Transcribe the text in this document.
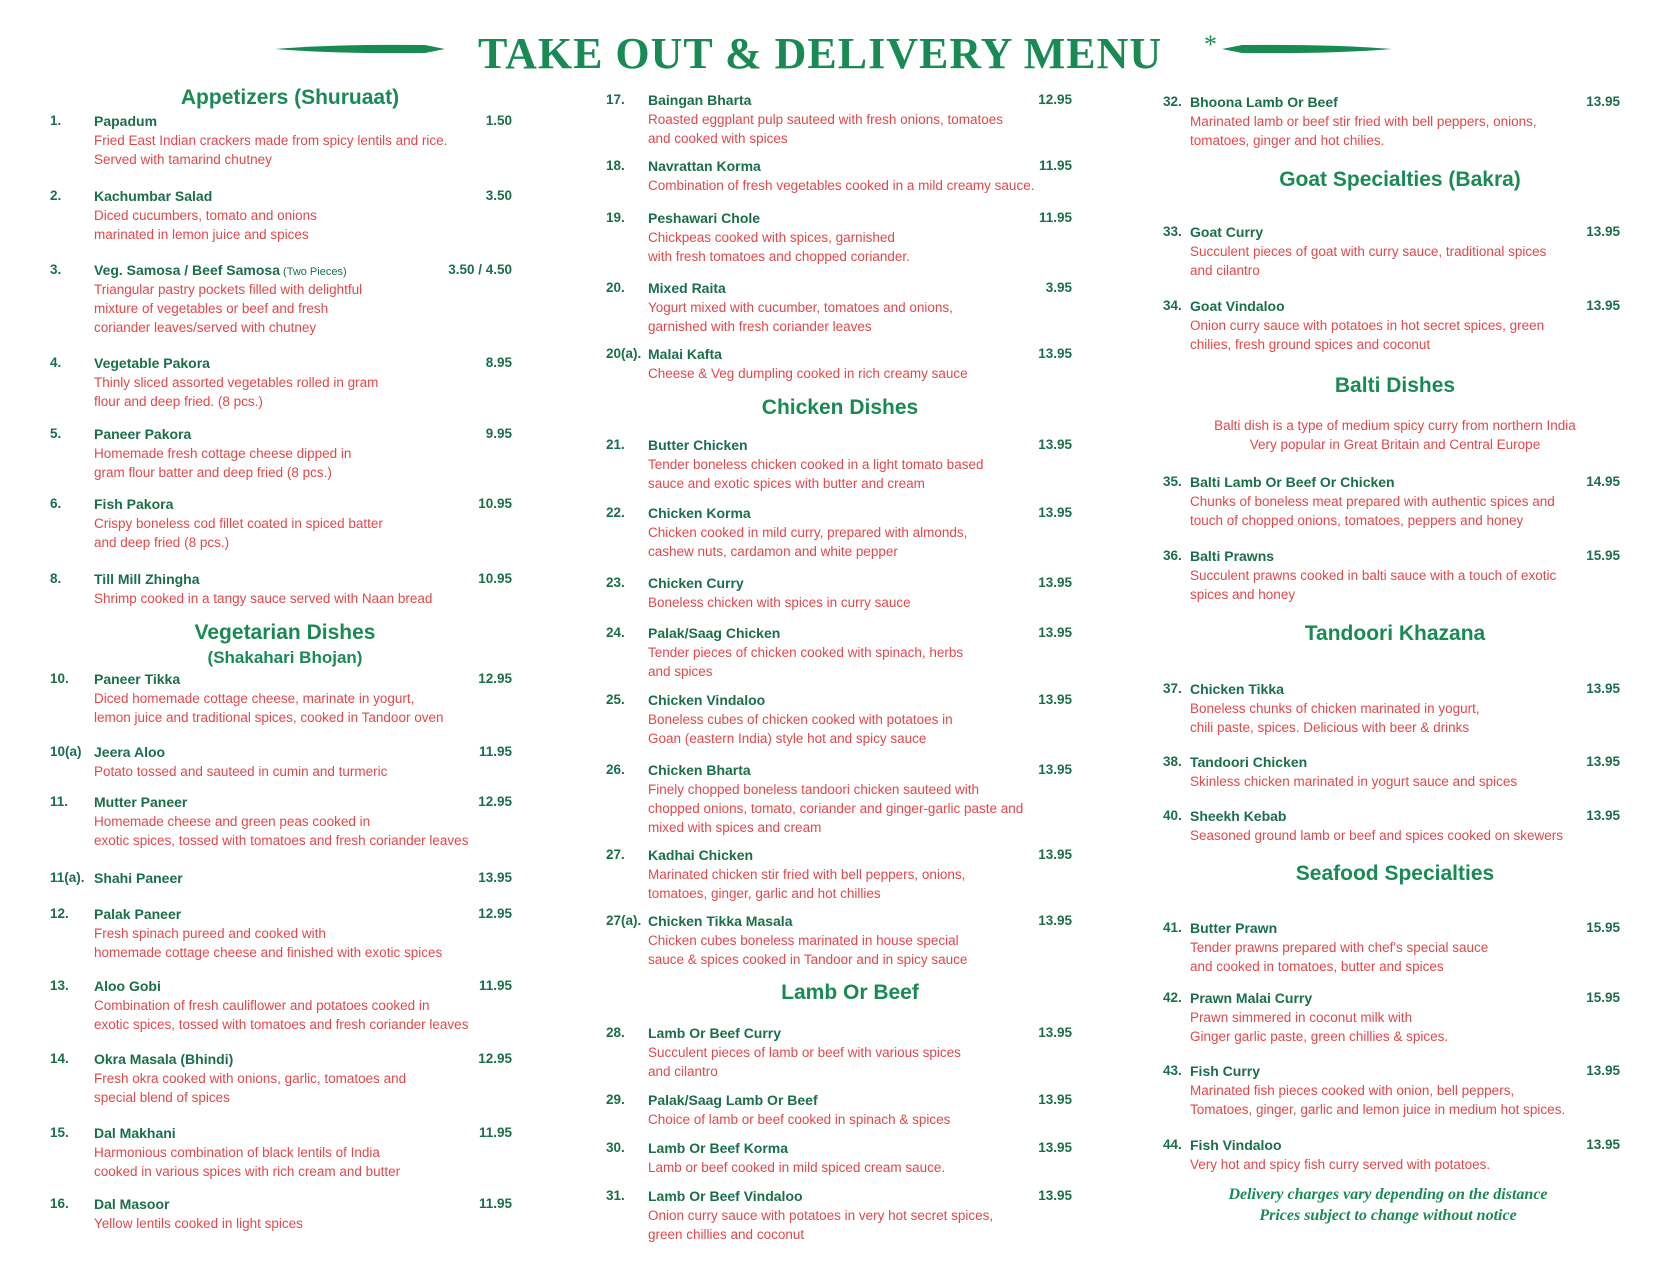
TAKE OUT & DELIVERY MENU *
Appetizers (Shuruaat)
Vegetarian Dishes
(Shakahari Bhojan)
Chicken Dishes
Lamb Or Beef
Goat Specialties (Bakra)
Balti Dishes
Balti dish is a type of medium spicy curry from northern India
Very popular in Great Britain and Central Europe
Tandoori Khazana
Seafood Specialties
Delivery charges vary depending on the distance
Prices subject to change without notice
1. Papadum	1.50
Fried East Indian crackers made from spicy lentils and rice.
Served with tamarind chutney
2. Kachumbar Salad	3.50
Diced cucumbers, tomato and onions
marinated in lemon juice and spices
3. Veg. Samosa / Beef Samosa (Two Pieces)	3.50 / 4.50
Triangular pastry pockets filled with delightful
mixture of vegetables or beef and fresh
coriander leaves/served with chutney
4. Vegetable Pakora	8.95
Thinly sliced assorted vegetables rolled in gram
flour and deep fried. (8 pcs.)
5. Paneer Pakora	9.95
Homemade fresh cottage cheese dipped in
gram flour batter and deep fried (8 pcs.)
6. Fish Pakora	10.95
Crispy boneless cod fillet coated in spiced batter
and deep fried (8 pcs.)
8. Till Mill Zhingha	10.95
Shrimp cooked in a tangy sauce served with Naan bread
10. Paneer Tikka	12.95
Diced homemade cottage cheese, marinate in yogurt,
lemon juice and traditional spices, cooked in Tandoor oven
10(a) Jeera Aloo	11.95
Potato tossed and sauteed in cumin and turmeric
11. Mutter Paneer	12.95
Homemade cheese and green peas cooked in
exotic spices, tossed with tomatoes and fresh coriander leaves
11(a). Shahi Paneer	13.95
12. Palak Paneer	12.95
Fresh spinach pureed and cooked with
homemade cottage cheese and finished with exotic spices
13. Aloo Gobi	11.95
Combination of fresh cauliflower and potatoes cooked in
exotic spices, tossed with tomatoes and fresh coriander leaves
14. Okra Masala (Bhindi)	12.95
Fresh okra cooked with onions, garlic, tomatoes and
special blend of spices
15. Dal Makhani	11.95
Harmonious combination of black lentils of India
cooked in various spices with rich cream and butter
16. Dal Masoor	11.95
Yellow lentils cooked in light spices
17. Baingan Bharta	12.95
Roasted eggplant pulp sauteed with fresh onions, tomatoes
and cooked with spices
18. Navrattan Korma	11.95
Combination of fresh vegetables cooked in a mild creamy sauce.
19. Peshawari Chole	11.95
Chickpeas cooked with spices, garnished
with fresh tomatoes and chopped coriander.
20. Mixed Raita	3.95
Yogurt mixed with cucumber, tomatoes and onions,
garnished with fresh coriander leaves
20(a). Malai Kafta	13.95
Cheese & Veg dumpling cooked in rich creamy sauce
21. Butter Chicken	13.95
Tender boneless chicken cooked in a light tomato based
sauce and exotic spices with butter and cream
22. Chicken Korma	13.95
Chicken cooked in mild curry, prepared with almonds,
cashew nuts, cardamon and white pepper
23. Chicken Curry	13.95
Boneless chicken with spices in curry sauce
24. Palak/Saag Chicken	13.95
Tender pieces of chicken cooked with spinach, herbs
and spices
25. Chicken Vindaloo	13.95
Boneless cubes of chicken cooked with potatoes in
Goan (eastern India) style hot and spicy sauce
26. Chicken Bharta	13.95
Finely chopped boneless tandoori chicken sauteed with
chopped onions, tomato, coriander and ginger-garlic paste and
mixed with spices and cream
27. Kadhai Chicken	13.95
Marinated chicken stir fried with bell peppers, onions,
tomatoes, ginger, garlic and hot chillies
27(a). Chicken Tikka Masala	13.95
Chicken cubes boneless marinated in house special
sauce & spices cooked in Tandoor and in spicy sauce
28. Lamb Or Beef Curry	13.95
Succulent pieces of lamb or beef with various spices
and cilantro
29. Palak/Saag Lamb Or Beef	13.95
Choice of lamb or beef cooked in spinach & spices
30. Lamb Or Beef Korma	13.95
Lamb or beef cooked in mild spiced cream sauce.
31. Lamb Or Beef Vindaloo	13.95
Onion curry sauce with potatoes in very hot secret spices,
green chillies and coconut
32. Bhoona Lamb Or Beef	13.95
Marinated lamb or beef stir fried with bell peppers, onions,
tomatoes, ginger and hot chilies.
33. Goat Curry	13.95
Succulent pieces of goat with curry sauce, traditional spices
and cilantro
34. Goat Vindaloo	13.95
Onion curry sauce with potatoes in hot secret spices, green
chilies, fresh ground spices and coconut
35. Balti Lamb Or Beef Or Chicken	14.95
Chunks of boneless meat prepared with authentic spices and
touch of chopped onions, tomatoes, peppers and honey
36. Balti Prawns	15.95
Succulent prawns cooked in balti sauce with a touch of exotic
spices and honey
37. Chicken Tikka	13.95
Boneless chunks of chicken marinated in yogurt,
chili paste, spices. Delicious with beer & drinks
38. Tandoori Chicken	13.95
Skinless chicken marinated in yogurt sauce and spices
40. Sheekh Kebab	13.95
Seasoned ground lamb or beef and spices cooked on skewers
41. Butter Prawn	15.95
Tender prawns prepared with chef's special sauce
and cooked in tomatoes, butter and spices
42. Prawn Malai Curry	15.95
Prawn simmered in coconut milk with
Ginger garlic paste, green chillies & spices.
43. Fish Curry	13.95
Marinated fish pieces cooked with onion, bell peppers,
Tomatoes, ginger, garlic and lemon juice in medium hot spices.
44. Fish Vindaloo	13.95
Very hot and spicy fish curry served with potatoes.
